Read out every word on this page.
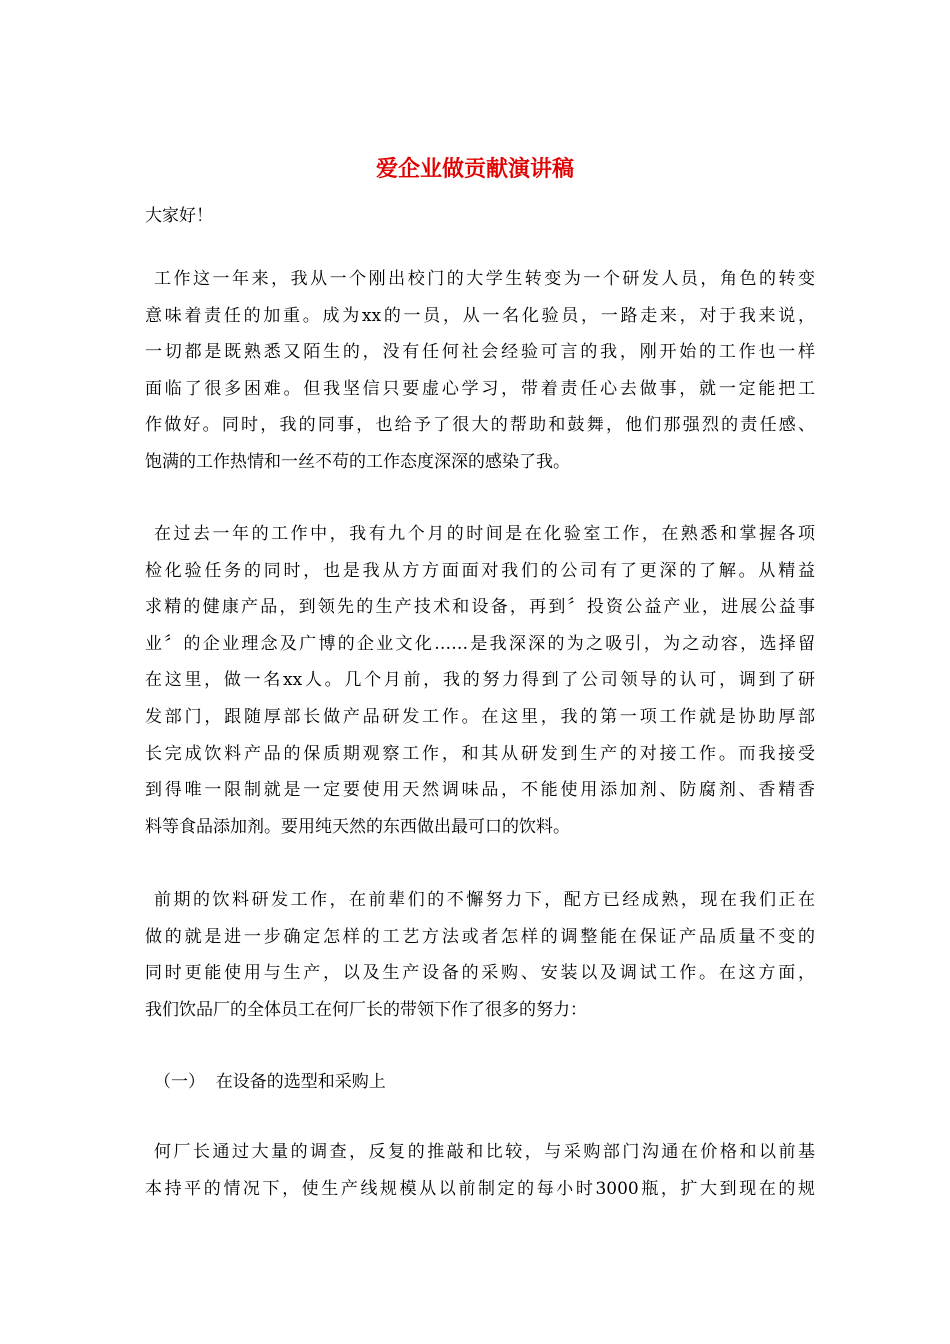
爱企业做贡献演讲稿
大家好！
工作这一年来，我从一个刚出校门的大学生转变为一个研发人员，角色的转变
意味着责任的加重。成为xx的一员，从一名化验员，一路走来，对于我来说，
一切都是既熟悉又陌生的，没有任何社会经验可言的我，刚开始的工作也一样
面临了很多困难。但我坚信只要虚心学习，带着责任心去做事，就一定能把工
作做好。同时，我的同事，也给予了很大的帮助和鼓舞，他们那强烈的责任感、
饱满的工作热情和一丝不苟的工作态度深深的感染了我。
在过去一年的工作中，我有九个月的时间是在化验室工作，在熟悉和掌握各项
检化验任务的同时，也是我从方方面面对我们的公司有了更深的了解。从精益
求精的健康产品，到领先的生产技术和设备，再到〞投资公益产业，进展公益事
业〞的企业理念及广博的企业文化……是我深深的为之吸引，为之动容，选择留
在这里，做一名xx人。几个月前，我的努力得到了公司领导的认可，调到了研
发部门，跟随厚部长做产品研发工作。在这里，我的第一项工作就是协助厚部
长完成饮料产品的保质期观察工作，和其从研发到生产的对接工作。而我接受
到得唯一限制就是一定要使用天然调味品，不能使用添加剂、防腐剂、香精香
料等食品添加剂。要用纯天然的东西做出最可口的饮料。
前期的饮料研发工作，在前辈们的不懈努力下，配方已经成熟，现在我们正在
做的就是进一步确定怎样的工艺方法或者怎样的调整能在保证产品质量不变的
同时更能使用与生产，以及生产设备的采购、安装以及调试工作。在这方面，
我们饮品厂的全体员工在何厂长的带领下作了很多的努力：
（一）  在设备的选型和采购上
何厂长通过大量的调查，反复的推敲和比较，与采购部门沟通在价格和以前基
本持平的情况下，使生产线规模从以前制定的每小时3000瓶，扩大到现在的规
